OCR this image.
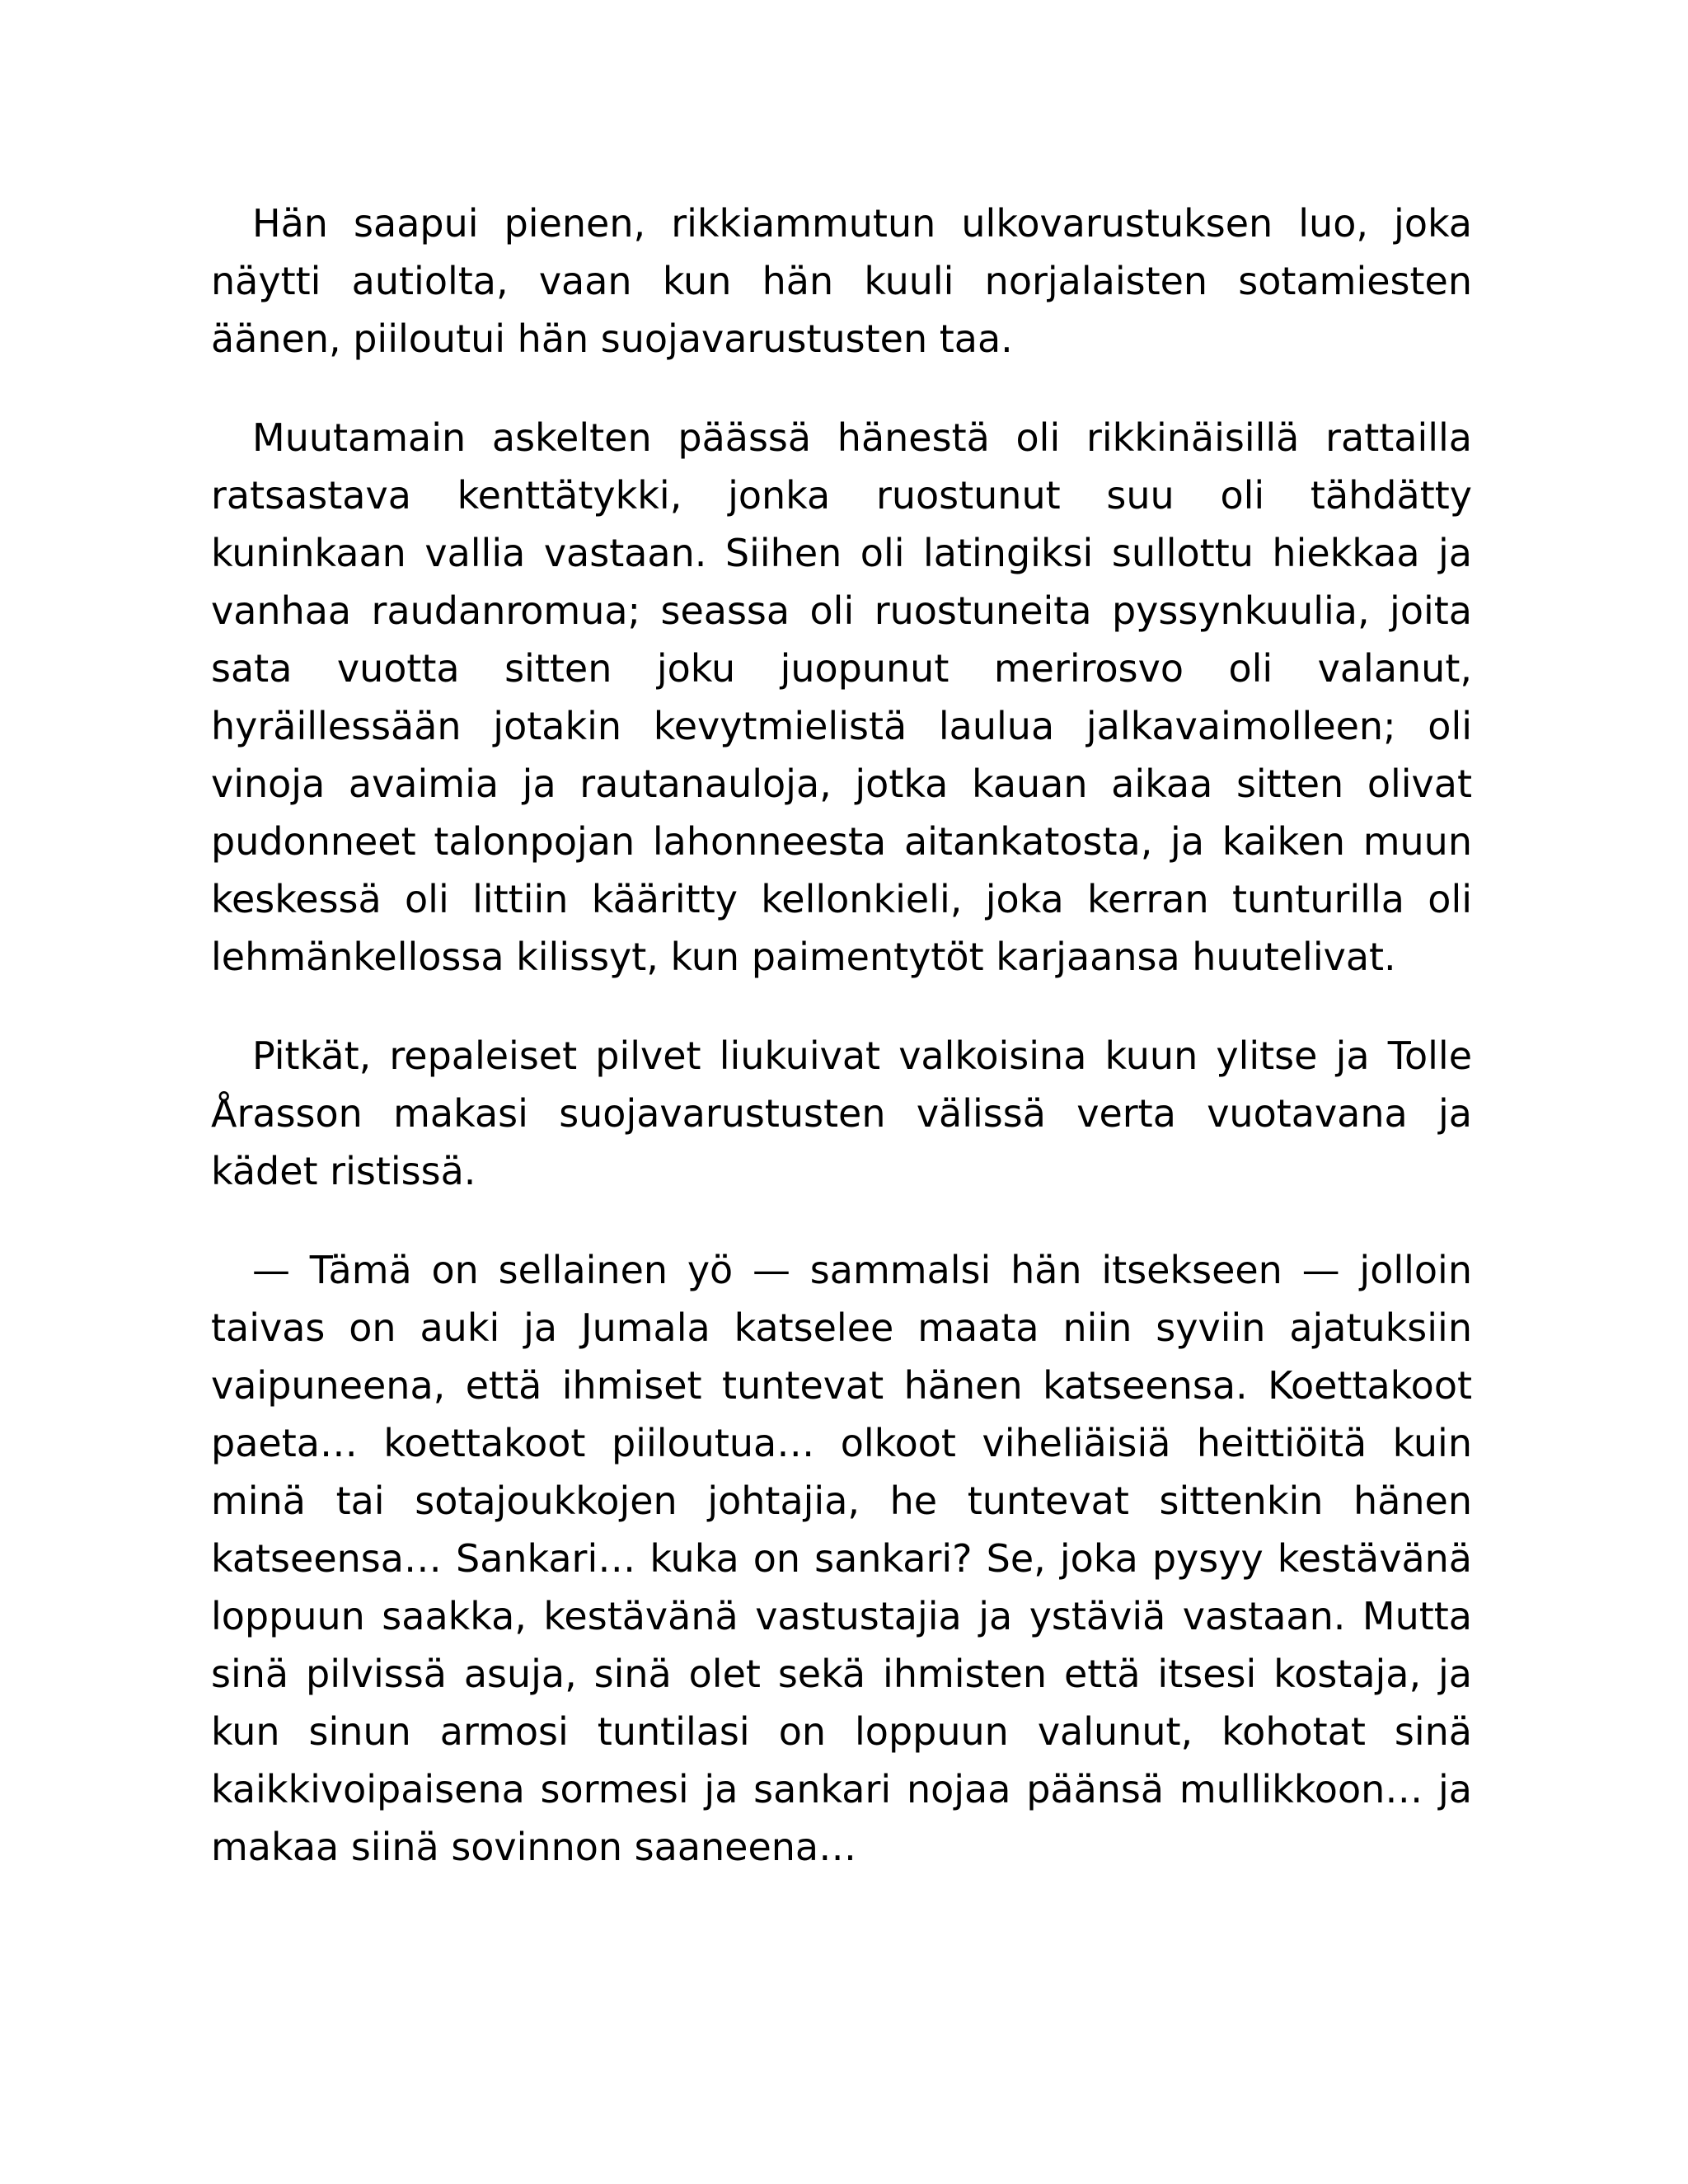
Hän saapui pienen, rikkiammutun ulkovarustuksen luo, joka näytti autiolta, vaan kun hän kuuli norjalaisten sotamiesten äänen, piiloutui hän suojavarustusten taa.

Muutamain askelten päässä hänestä oli rikkinäisillä rattailla ratsastava kenttätykki, jonka ruostunut suu oli tähdätty kuninkaan vallia vastaan. Siihen oli latingiksi sullottu hiekkaa ja vanhaa raudanromua; seassa oli ruostuneita pyssynkuulia, joita sata vuotta sitten joku juopunut merirosvo oli valanut, hyräillessään jotakin kevytmielistä laulua jalkavaimolleen; oli vinoja avaimia ja rautanauloja, jotka kauan aikaa sitten olivat pudonneet talonpojan lahonneesta aitankatosta, ja kaiken muun keskessä oli littiin kääritty kellonkieli, joka kerran tunturilla oli lehmänkellossa kilissyt, kun paimentytöt karjaansa huutelivat.

Pitkät, repaleiset pilvet liukuivat valkoisina kuun ylitse ja Tolle Årasson makasi suojavarustusten välissä verta vuotavana ja kädet ristissä.

— Tämä on sellainen yö — sammalsi hän itsekseen — jolloin taivas on auki ja Jumala katselee maata niin syviin ajatuksiin vaipuneena, että ihmiset tuntevat hänen katseensa. Koettakoot paeta… koettakoot piiloutua… olkoot viheliäisiä heittiöitä kuin minä tai sotajoukkojen johtajia, he tuntevat sittenkin hänen katseensa… Sankari… kuka on sankari? Se, joka pysyy kestävänä loppuun saakka, kestävänä vastustajia ja ystäviä vastaan. Mutta sinä pilvissä asuja, sinä olet sekä ihmisten että itsesi kostaja, ja kun sinun armosi tuntilasi on loppuun valunut, kohotat sinä kaikkivoipaisena sormesi ja sankari nojaa päänsä mullikkoon… ja makaa siinä sovinnon saaneena…
